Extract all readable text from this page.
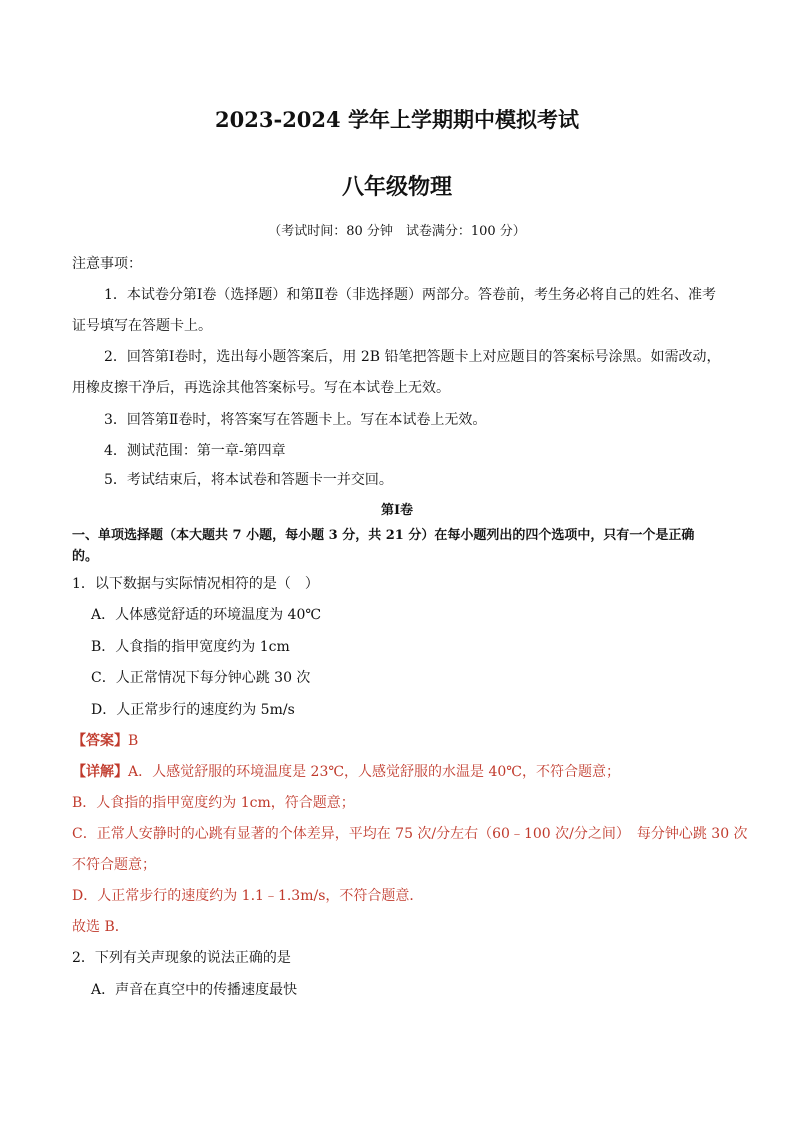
2023-2024 学年上学期期中模拟考试
八年级物理
（考试时间：80 分钟　试卷满分：100 分）
注意事项：
1．本试卷分第Ⅰ卷（选择题）和第Ⅱ卷（非选择题）两部分。答卷前，考生务必将自己的姓名、准考
证号填写在答题卡上。
2．回答第Ⅰ卷时，选出每小题答案后，用 2B 铅笔把答题卡上对应题目的答案标号涂黑。如需改动，
用橡皮擦干净后，再选涂其他答案标号。写在本试卷上无效。
3．回答第Ⅱ卷时，将答案写在答题卡上。写在本试卷上无效。
4．测试范围：第一章-第四章
5．考试结束后，将本试卷和答题卡一并交回。
第Ⅰ卷
一、单项选择题（本大题共 7 小题，每小题 3 分，共 21 分）在每小题列出的四个选项中，只有一个是正确
的。
1．以下数据与实际情况相符的是（　）
A．人体感觉舒适的环境温度为 40℃
B．人食指的指甲宽度约为 1cm
C．人正常情况下每分钟心跳 30 次
D．人正常步行的速度约为 5m/s
【答案】B
【详解】A．人感觉舒服的环境温度是 23℃，人感觉舒服的水温是 40℃，不符合题意；
B．人食指的指甲宽度约为 1cm，符合题意；
C．正常人安静时的心跳有显著的个体差异，平均在 75 次/分左右（60﹣100 次/分之间）　每分钟心跳 30 次
不符合题意；
D．人正常步行的速度约为 1.1﹣1.3m/s，不符合题意．
故选 B．
2．下列有关声现象的说法正确的是
A．声音在真空中的传播速度最快
